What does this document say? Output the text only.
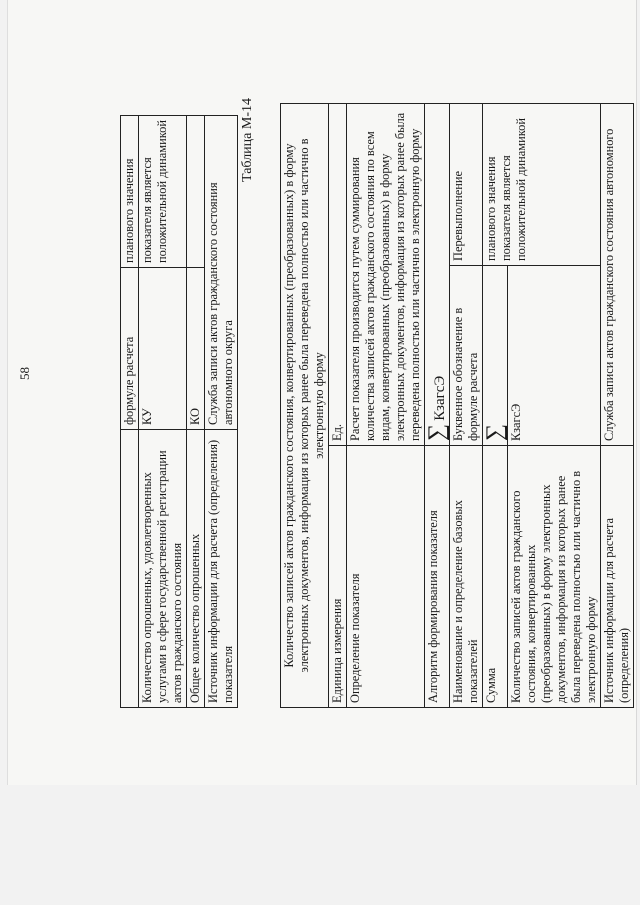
58
		формуле расчета	планового значения
Количество опрошенных, удовлетворенных услугами в сфере государственной регистрации актов гражданского состояния	КУ	показателя является положительной динамикой
Общее количество опрошенных	КО	
Источник информации для расчета (определения) показателя	Служба записи актов гражданского состояния автономного округа	
Таблица М-14
Количество записей актов гражданского состояния, конвертированных (преобразованных) в форму электронных документов, информация из которых ранее была переведена полностью или частично в электронную форму		
Единица измерения	Ед.	
Определение показателя	Расчет показателя производится путем суммирования количества записей актов гражданского состояния по всем видам, конвертированных (преобразованных) в форму электронных документов, информация из которых ранее была переведена полностью или частично в электронную форму	
Алгоритм формирования показателя	∑ КзагсЭ	
Наименование и определение базовых показателей	Буквенное обозначение в формуле расчета	Перевыполнение
Сумма	∑	планового значения показателя является положительной динамикой
Количество записей актов гражданского состояния, конвертированных (преобразованных) в форму электронных документов, информация из которых ранее была переведена полностью или частично в электронную форму	КзагсЭ	
Источник информации для расчета (определения)	Служба записи актов гражданского состояния автономного	
